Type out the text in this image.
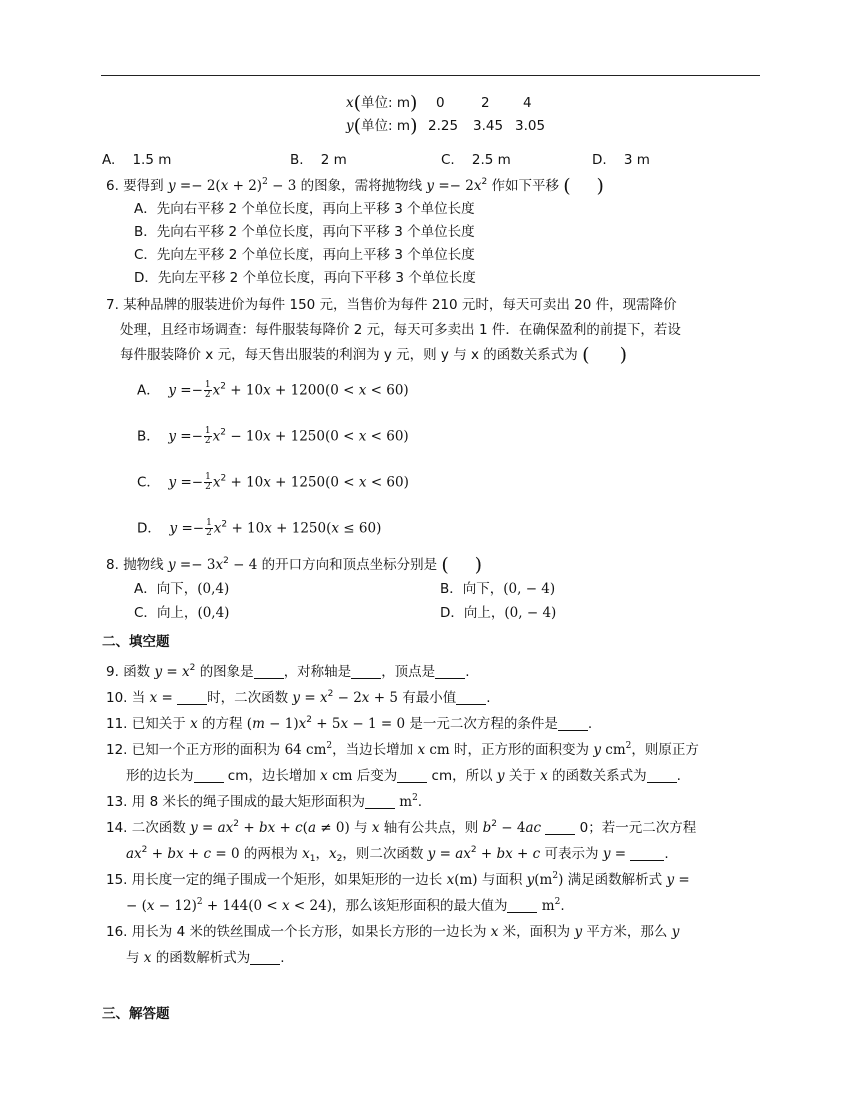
x(单位: m) 0	2 4
y(单位: m) 2.25 3.45 3.05
A. 1.5 m	B. 2 m	C. 2.5 m	D. 3 m
6. 要得到 $y =- 2(x + 2)^2 - 3$ 的图象，需将抛物线 $y =- 2x^2$ 作如下平移 ( )
A．先向右平移 2 个单位长度，再向上平移 3 个单位长度
B．先向右平移 2 个单位长度，再向下平移 3 个单位长度
C．先向左平移 2 个单位长度，再向上平移 3 个单位长度
D．先向左平移 2 个单位长度，再向下平移 3 个单位长度
7. 某种品牌的服装进价为每件 150 元，当售价为每件 210 元时，每天可卖出 20 件，现需降价
处理，且经市场调查：每件服装每降价 2 元，每天可多卖出 1 件．在确保盈利的前提下，若设
每件服装降价 x 元，每天售出服装的利润为 y 元，则 y 与 x 的函数关系式为 ( )
A． $y =- \frac{1}{2} x^2 + 10x + 1200(0 < x < 60)$
B． $y =- \frac{1}{2} x^2 - 10x + 1250(0 < x < 60)$
C． $y =- \frac{1}{2} x^2 + 10x + 1250(0 < x < 60)$
D． $y =- \frac{1}{2} x^2 + 10x + 1250(x \le 60)$
8. 抛物线 $y =- 3x^2 - 4$ 的开口方向和顶点坐标分别是 ( )
A．向下，(0,4)	B．向下，(0, − 4)
C．向上，(0,4)	D．向上，(0, − 4)
二、填空题
9. 函数 $y = x^2$ 的图象是 ，对称轴是 ，顶点是 .
10. 当 x = 时，二次函数 $y = x^2 - 2x + 5$ 有最小值 .
11. 已知关于 x 的方程 $(m - 1)x^2 + 5x - 1 = 0$ 是一元二次方程的条件是 .
12. 已知一个正方形的面积为 64 $cm^2$，当边长增加 x cm 时，正方形的面积变为 y $cm^2$，则原正方
形的边长为	cm，边长增加 x cm 后变为	cm，所以 y 关于 x 的函数关系式为 .
13. 用 8 米长的绳子围成的最大矩形面积为	$m^2$.
14. 二次函数 $y = ax^2$ + bx + c(a ≠ 0) 与 x 轴有公共点，则 $b^2 - 4ac$	0；若一元二次方程
$ax^2$ + bx + c = 0 的两根为 $x_1$，$x_2$，则二次函数 $y = ax^2$ + bx + c 可表示为 y =	.
15. 用长度一定的绳子围成一个矩形，如果矩形的一边长 x(m) 与面积 $y(m^2)$ 满足函数解析式 y =
− $(x - 12)^2 + 144(0 < x < 24)$，那么该矩形面积的最大值为	$m^2$.
16. 用长为 4 米的铁丝围成一个长方形，如果长方形的一边长为 x 米，面积为 y 平方米，那么 y
与 x 的函数解析式为 .
三、解答题
